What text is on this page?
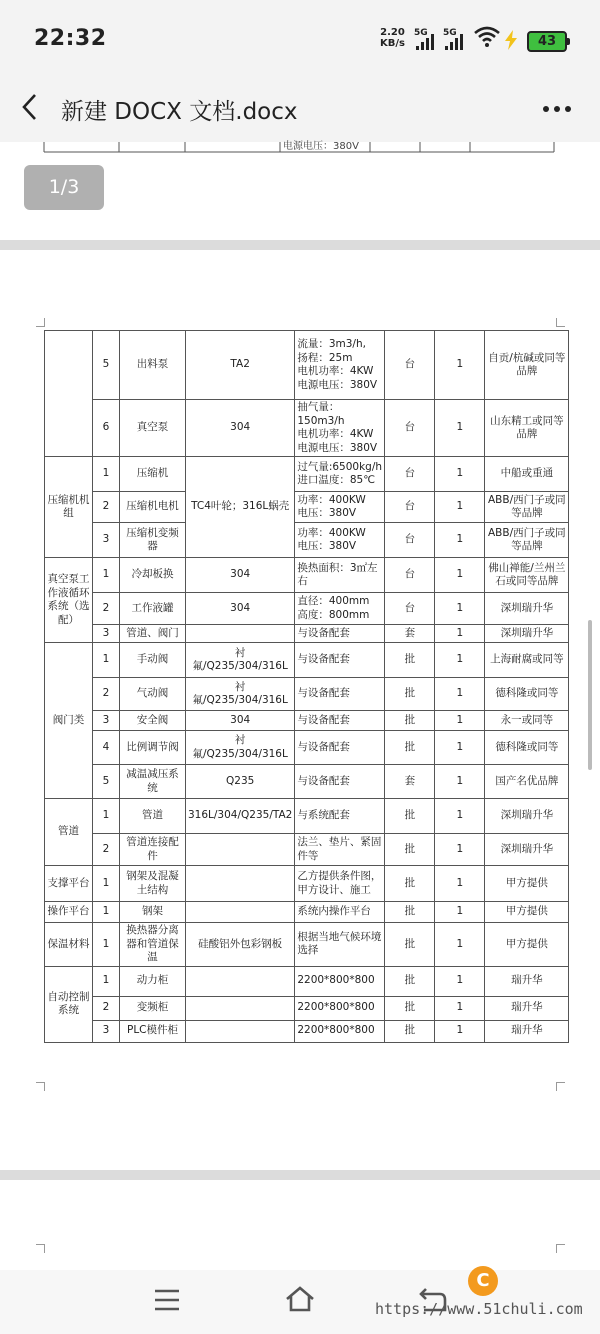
22:32	2.20
KB/s
5G 5G
43
新建 DOCX 文档.docx
电源电压：380V
1/3
	5	出料泵	TA2	流量：3m3/h,
扬程：25m
电机功率：4KW
电源电压：380V	台	1	自贡/杭碱或同等品牌
	6	真空泵	304	抽气量：150m3/h
电机功率：4KW
电源电压：380V	台	1	山东精工或同等品牌
压缩机机组	1	压缩机	TC4叶轮；316L蜗壳	过气量:6500kg/h
进口温度：85℃	台	1	中船或重通
	2	压缩机电机		功率：400KW
电压：380V	台	1	ABB/西门子或同等品牌
	3	压缩机变频器		功率：400KW
电压：380V	台	1	ABB/西门子或同等品牌
真空泵工作液循环系统（选配）	1	冷却板换	304	换热面积：3㎡左右	台	1	佛山禅能/兰州兰石或同等品牌
	2	工作液罐	304	直径：400mm
高度：800mm	台	1	深圳瑞升华
	3	管道、阀门		与设备配套	套	1	深圳瑞升华
阀门类	1	手动阀	衬氟/Q235/304/316L	与设备配套	批	1	上海耐腐或同等
	2	气动阀	衬氟/Q235/304/316L	与设备配套	批	1	德科隆或同等
	3	安全阀	304	与设备配套	批	1	永一或同等
	4	比例调节阀	衬氟/Q235/304/316L	与设备配套	批	1	德科隆或同等
	5	减温减压系统	Q235	与设备配套	套	1	国产名优品牌
管道	1	管道	316L/304/Q235/TA2	与系统配套	批	1	深圳瑞升华
	2	管道连接配件		法兰、垫片、紧固件等	批	1	深圳瑞升华
支撑平台	1	钢架及混凝土结构		乙方提供条件图，甲方设计、施工	批	1	甲方提供
操作平台	1	钢架		系统内操作平台	批	1	甲方提供
保温材料	1	换热器分离器和管道保温	硅酸铝外包彩钢板	根据当地气候环境选择	批	1	甲方提供
自动控制系统	1	动力柜		2200*800*800	批	1	瑞升华
	2	变频柜		2200*800*800	批	1	瑞升华
	3	PLC模件柜		2200*800*800	批	1	瑞升华
C
https://www.51chuli.com
